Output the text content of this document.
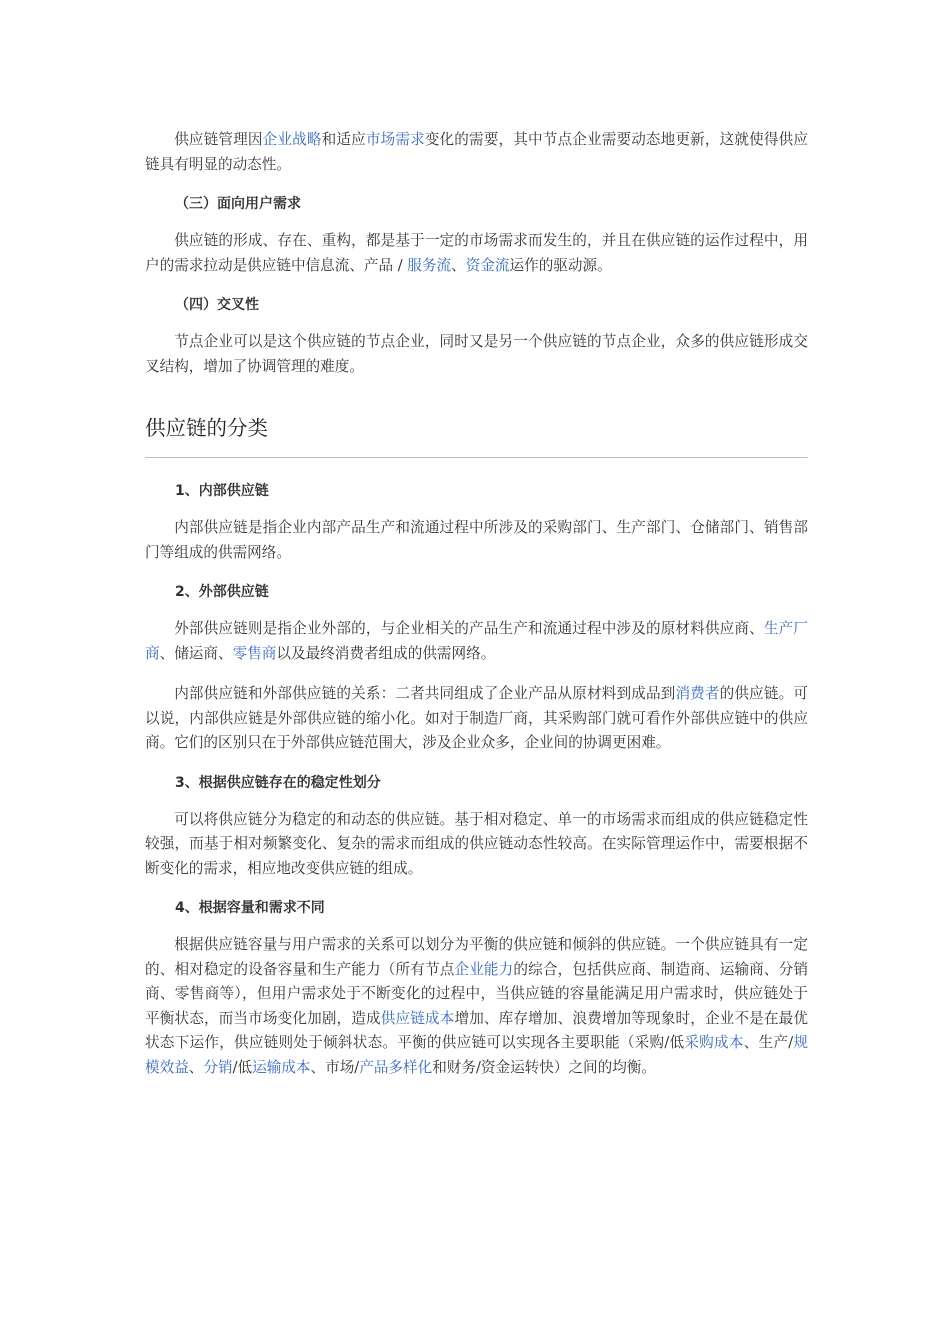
供应链管理因企业战略和适应市场需求变化的需要，其中节点企业需要动态地更新，这就使得供应链具有明显的动态性。

（三）面向用户需求

供应链的形成、存在、重构，都是基于一定的市场需求而发生的，并且在供应链的运作过程中，用户的需求拉动是供应链中信息流、产品 / 服务流、资金流运作的驱动源。

（四）交叉性

节点企业可以是这个供应链的节点企业，同时又是另一个供应链的节点企业，众多的供应链形成交叉结构，增加了协调管理的难度。

供应链的分类
1、内部供应链

内部供应链是指企业内部产品生产和流通过程中所涉及的采购部门、生产部门、仓储部门、销售部门等组成的供需网络。

2、外部供应链

外部供应链则是指企业外部的，与企业相关的产品生产和流通过程中涉及的原材料供应商、生产厂商、储运商、零售商以及最终消费者组成的供需网络。

内部供应链和外部供应链的关系：二者共同组成了企业产品从原材料到成品到消费者的供应链。可以说，内部供应链是外部供应链的缩小化。如对于制造厂商，其采购部门就可看作外部供应链中的供应商。它们的区别只在于外部供应链范围大，涉及企业众多，企业间的协调更困难。

3、根据供应链存在的稳定性划分

可以将供应链分为稳定的和动态的供应链。基于相对稳定、单一的市场需求而组成的供应链稳定性较强，而基于相对频繁变化、复杂的需求而组成的供应链动态性较高。在实际管理运作中，需要根据不断变化的需求，相应地改变供应链的组成。

4、根据容量和需求不同

根据供应链容量与用户需求的关系可以划分为平衡的供应链和倾斜的供应链。一个供应链具有一定的、相对稳定的设备容量和生产能力（所有节点企业能力的综合，包括供应商、制造商、运输商、分销商、零售商等），但用户需求处于不断变化的过程中，当供应链的容量能满足用户需求时，供应链处于平衡状态，而当市场变化加剧，造成供应链成本增加、库存增加、浪费增加等现象时，企业不是在最优状态下运作，供应链则处于倾斜状态。平衡的供应链可以实现各主要职能（采购/低采购成本、生产/规模效益、分销/低运输成本、市场/产品多样化和财务/资金运转快）之间的均衡。
